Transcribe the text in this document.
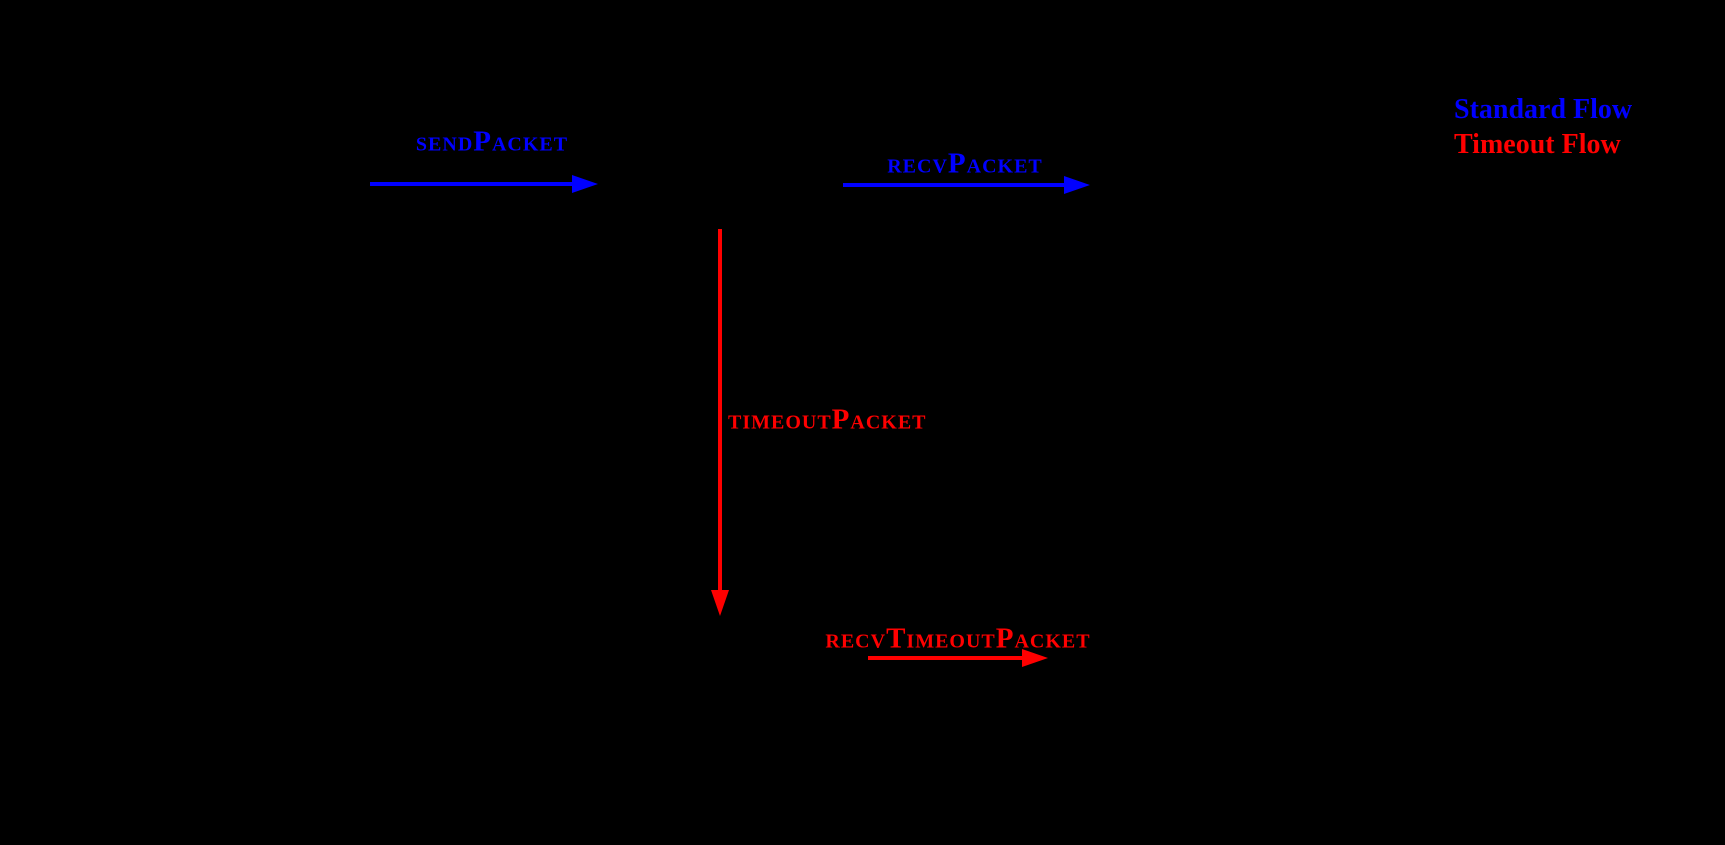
sendPacket
recvPacket
timeoutPacket
recvTimeoutPacket
Standard Flow
Timeout Flow
